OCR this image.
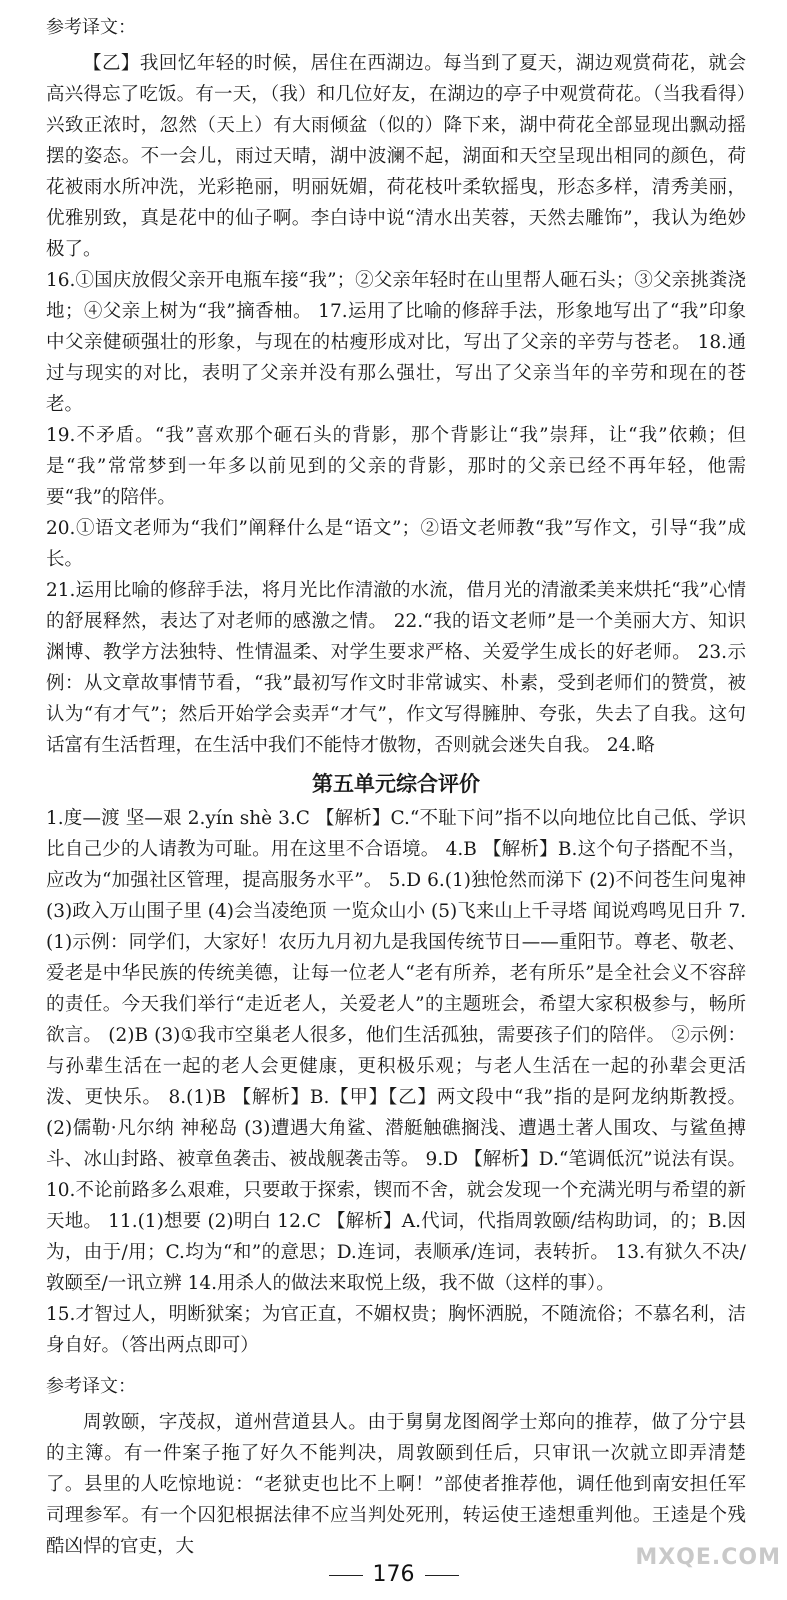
参考译文：

【乙】我回忆年轻的时候，居住在西湖边。每当到了夏天，湖边观赏荷花，就会高兴得忘了吃饭。有一天，（我）和几位好友，在湖边的亭子中观赏荷花。（当我看得）兴致正浓时，忽然（天上）有大雨倾盆（似的）降下来，湖中荷花全部显现出飘动摇摆的姿态。不一会儿，雨过天晴，湖中波澜不起，湖面和天空呈现出相同的颜色，荷花被雨水所冲洗，光彩艳丽，明丽妩媚，荷花枝叶柔软摇曳，形态多样，清秀美丽，优雅别致，真是花中的仙子啊。李白诗中说“清水出芙蓉，天然去雕饰”，我认为绝妙极了。

16.①国庆放假父亲开电瓶车接“我”；②父亲年轻时在山里帮人砸石头；③父亲挑粪浇地；④父亲上树为“我”摘香柚。 17.运用了比喻的修辞手法，形象地写出了“我”印象中父亲健硕强壮的形象，与现在的枯瘦形成对比，写出了父亲的辛劳与苍老。 18.通过与现实的对比，表明了父亲并没有那么强壮，写出了父亲当年的辛劳和现在的苍老。

19.不矛盾。“我”喜欢那个砸石头的背影，那个背影让“我”崇拜，让“我”依赖；但是“我”常常梦到一年多以前见到的父亲的背影，那时的父亲已经不再年轻，他需要“我”的陪伴。

20.①语文老师为“我们”阐释什么是“语文”；②语文老师教“我”写作文，引导“我”成长。

21.运用比喻的修辞手法，将月光比作清澈的水流，借月光的清澈柔美来烘托“我”心情的舒展释然，表达了对老师的感激之情。 22.“我的语文老师”是一个美丽大方、知识渊博、教学方法独特、性情温柔、对学生要求严格、关爱学生成长的好老师。 23.示例：从文章故事情节看，“我”最初写作文时非常诚实、朴素，受到老师们的赞赏，被认为“有才气”；然后开始学会卖弄“才气”，作文写得臃肿、夸张，失去了自我。这句话富有生活哲理，在生活中我们不能恃才傲物，否则就会迷失自我。 24.略

第五单元综合评价

1.度—渡 坚—艰 2.yín shè 3.C 【解析】C.“不耻下问”指不以向地位比自己低、学识比自己少的人请教为可耻。用在这里不合语境。 4.B 【解析】B.这个句子搭配不当，应改为“加强社区管理，提高服务水平”。 5.D 6.(1)独怆然而涕下 (2)不问苍生问鬼神 (3)政入万山围子里 (4)会当凌绝顶 一览众山小 (5)飞来山上千寻塔 闻说鸡鸣见日升 7.(1)示例：同学们，大家好！农历九月初九是我国传统节日——重阳节。尊老、敬老、爱老是中华民族的传统美德，让每一位老人“老有所养，老有所乐”是全社会义不容辞的责任。今天我们举行“走近老人，关爱老人”的主题班会，希望大家积极参与，畅所欲言。 (2)B (3)①我市空巢老人很多，他们生活孤独，需要孩子们的陪伴。 ②示例：与孙辈生活在一起的老人会更健康，更积极乐观；与老人生活在一起的孙辈会更活泼、更快乐。 8.(1)B 【解析】B.【甲】【乙】两文段中“我”指的是阿龙纳斯教授。 (2)儒勒·凡尔纳 神秘岛 (3)遭遇大角鲨、潜艇触礁搁浅、遭遇土著人围攻、与鲨鱼搏斗、冰山封路、被章鱼袭击、被战舰袭击等。 9.D 【解析】D.“笔调低沉”说法有误。 10.不论前路多么艰难，只要敢于探索，锲而不舍，就会发现一个充满光明与希望的新天地。 11.(1)想要 (2)明白 12.C 【解析】A.代词，代指周敦颐/结构助词，的；B.因为，由于/用；C.均为“和”的意思；D.连词，表顺承/连词，表转折。 13.有狱久不决/敦颐至/一讯立辨 14.用杀人的做法来取悦上级，我不做（这样的事）。

15.才智过人，明断狱案；为官正直，不媚权贵；胸怀洒脱，不随流俗；不慕名利，洁身自好。（答出两点即可）

参考译文：

周敦颐，字茂叔，道州营道县人。由于舅舅龙图阁学士郑向的推荐，做了分宁县的主簿。有一件案子拖了好久不能判决，周敦颐到任后，只审讯一次就立即弄清楚了。县里的人吃惊地说：“老狱吏也比不上啊！”部使者推荐他，调任他到南安担任军司理参军。有一个囚犯根据法律不应当判处死刑，转运使王逵想重判他。王逵是个残酷凶悍的官吏，大

176
MXQE.COM
